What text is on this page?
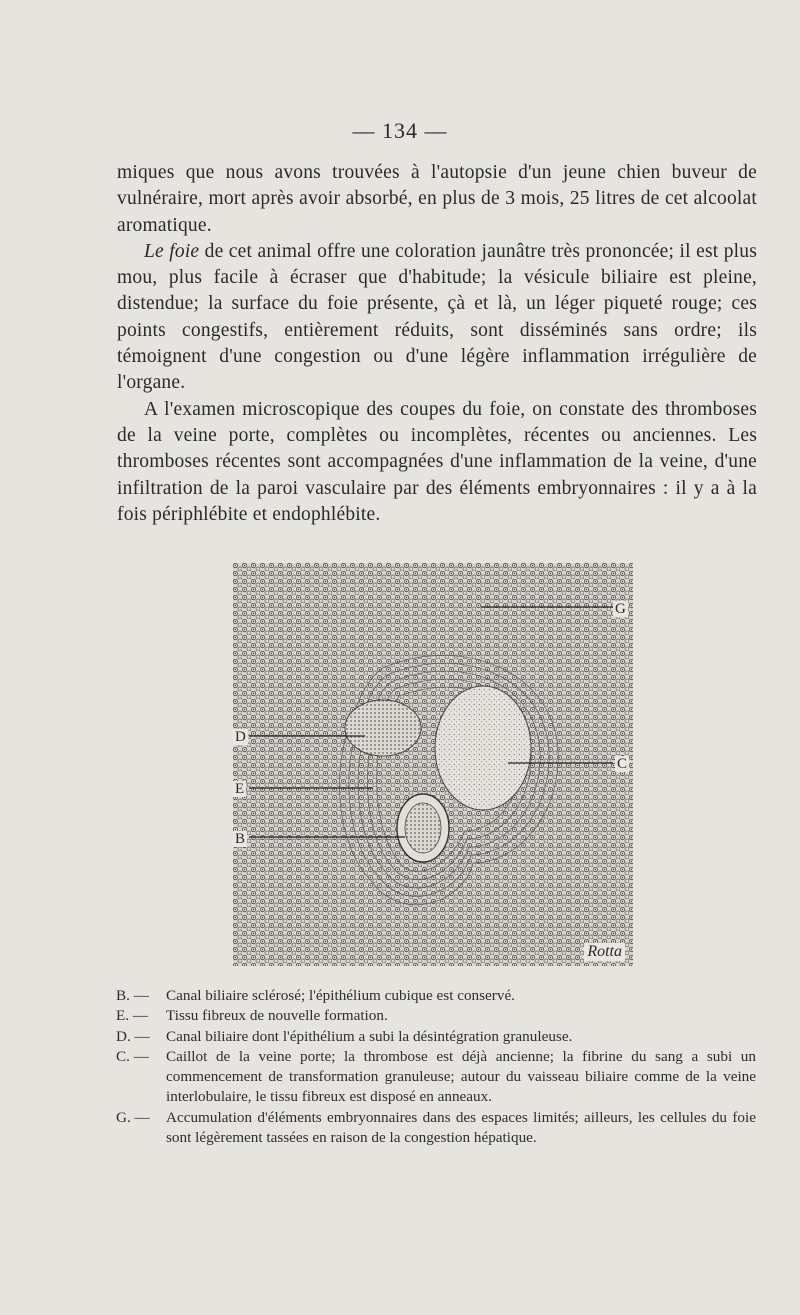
— 134 —

miques que nous avons trouvées à l'autopsie d'un jeune chien buveur de vulnéraire, mort après avoir absorbé, en plus de 3 mois, 25 litres de cet alcoolat aromatique.

Le foie de cet animal offre une coloration jaunâtre très prononcée; il est plus mou, plus facile à écraser que d'habitude; la vésicule biliaire est pleine, distendue; la surface du foie présente, çà et là, un léger piqueté rouge; ces points congestifs, entièrement réduits, sont disséminés sans ordre; ils témoignent d'une congestion ou d'une légère inflammation irrégulière de l'organe.

A l'examen microscopique des coupes du foie, on constate des thromboses de la veine porte, complètes ou incomplètes, récentes ou anciennes. Les thromboses récentes sont accompagnées d'une inflammation de la veine, d'une infiltration de la paroi vasculaire par des éléments embryonnaires : il y a à la fois périphlébite et endophlébite.

G
D
C
E
B
Rotta
B. —	Canal biliaire sclérosé; l'épithélium cubique est conservé.
E. —	Tissu fibreux de nouvelle formation.
D. —	Canal biliaire dont l'épithélium a subi la désintégration granuleuse.
C. —	Caillot de la veine porte; la thrombose est déjà ancienne; la fibrine du sang a subi un commencement de transformation granuleuse; autour du vaisseau biliaire comme de la veine interlobulaire, le tissu fibreux est disposé en anneaux.
G. —	Accumulation d'éléments embryonnaires dans des espaces limités; ailleurs, les cellules du foie sont légèrement tassées en raison de la congestion hépatique.
